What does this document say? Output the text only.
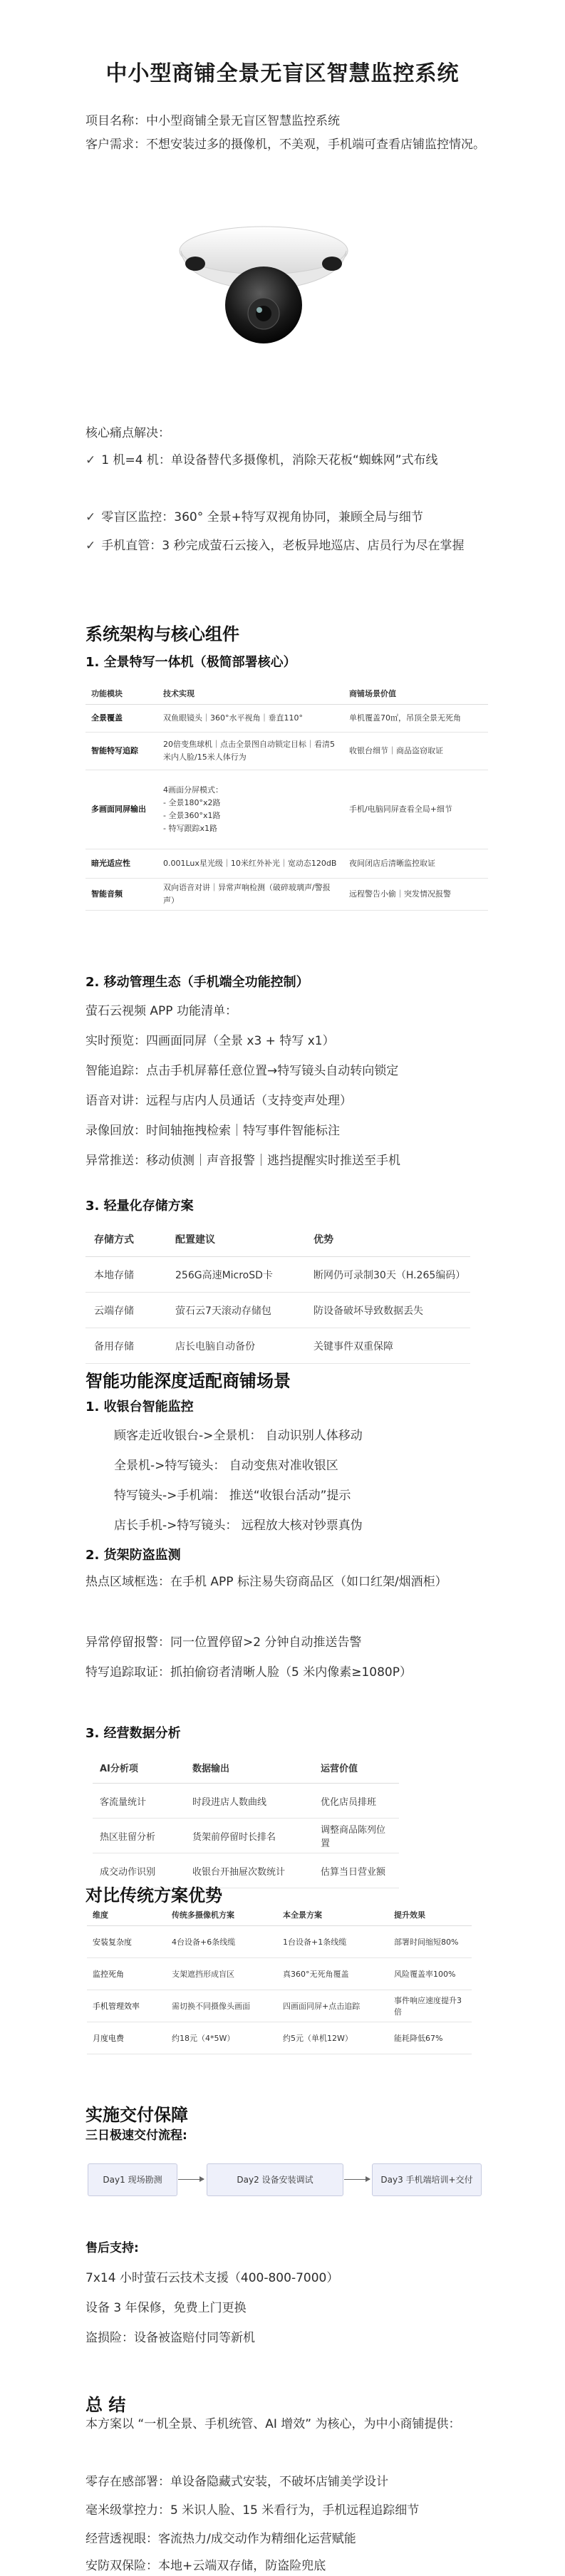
中小型商铺全景无盲区智慧监控系统
项目名称：中小型商铺全景无盲区智慧监控系统
客户需求：不想安装过多的摄像机，不美观，手机端可查看店铺监控情况。
核心痛点解决：
✓ 1 机=4 机：单设备替代多摄像机，消除天花板“蜘蛛网”式布线
✓ 零盲区监控：360° 全景+特写双视角协同，兼顾全局与细节
✓ 手机直管：3 秒完成萤石云接入，老板异地巡店、店员行为尽在掌握
系统架构与核心组件
1. 全景特写一体机（极简部署核心）
功能模块	技术实现	商铺场景价值
全景覆盖	双鱼眼镜头｜360°水平视角｜垂直110°	单机覆盖70㎡，吊顶全景无死角
智能特写追踪	20倍变焦球机｜点击全景图自动锁定目标｜看清5米内人脸/15米人体行为	收银台细节｜商品盗窃取证
多画面同屏输出	4画面分屏模式：
- 全景180°x2路
- 全景360°x1路
- 特写跟踪x1路	手机/电脑同屏查看全局+细节
暗光适应性	0.001Lux星光级｜10米红外补光｜宽动态120dB	夜间闭店后清晰监控取证
智能音频	双向语音对讲｜异常声响检测（破碎玻璃声/警报声）	远程警告小偷｜突发情况报警
2. 移动管理生态（手机端全功能控制）
萤石云视频 APP 功能清单：
实时预览：四画面同屏（全景 x3 + 特写 x1）
智能追踪：点击手机屏幕任意位置→特写镜头自动转向锁定
语音对讲：远程与店内人员通话（支持变声处理）
录像回放：时间轴拖拽检索｜特写事件智能标注
异常推送：移动侦测｜声音报警｜逃挡提醒实时推送至手机
3. 轻量化存储方案
存储方式	配置建议	优势
本地存储	256G高速MicroSD卡	断网仍可录制30天（H.265编码）
云端存储	萤石云7天滚动存储包	防设备破坏导致数据丢失
备用存储	店长电脑自动备份	关键事件双重保障
智能功能深度适配商铺场景
1. 收银台智能监控
顾客走近收银台->全景机： 自动识别人体移动
全景机->特写镜头： 自动变焦对准收银区
特写镜头->手机端： 推送“收银台活动”提示
店长手机->特写镜头： 远程放大核对钞票真伪
2. 货架防盗监测
热点区域框选：在手机 APP 标注易失窃商品区（如口红架/烟酒柜）
异常停留报警：同一位置停留>2 分钟自动推送告警
特写追踪取证：抓拍偷窃者清晰人脸（5 米内像素≥1080P）
3. 经营数据分析
AI分析项	数据输出	运营价值
客流量统计	时段进店人数曲线	优化店员排班
热区驻留分析	货架前停留时长排名	调整商品陈列位置
成交动作识别	收银台开抽屉次数统计	估算当日营业额
对比传统方案优势
维度	传统多摄像机方案	本全景方案	提升效果
安装复杂度	4台设备+6条线缆	1台设备+1条线缆	部署时间缩短80%
监控死角	支架遮挡形成盲区	真360°无死角覆盖	风险覆盖率100%
手机管理效率	需切换不同摄像头画面	四画面同屏+点击追踪	事件响应速度提升3倍
月度电费	约18元（4*5W）	约5元（单机12W）	能耗降低67%
实施交付保障
三日极速交付流程:
Day1 现场勘测	Day2 设备安装调试	Day3 手机端培训+交付
售后支持:
7x14 小时萤石云技术支援（400-800-7000）
设备 3 年保修，免费上门更换
盗损险：设备被盗赔付同等新机
总 结
本方案以 “一机全景、手机统管、AI 增效” 为核心，为中小商铺提供：
零存在感部署：单设备隐藏式安装，不破坏店铺美学设计
毫米级掌控力：5 米识人脸、15 米看行为，手机远程追踪细节
经营透视眼：客流热力/成交动作为精细化运营赋能
安防双保险：本地+云端双存储，防盗险兜底
